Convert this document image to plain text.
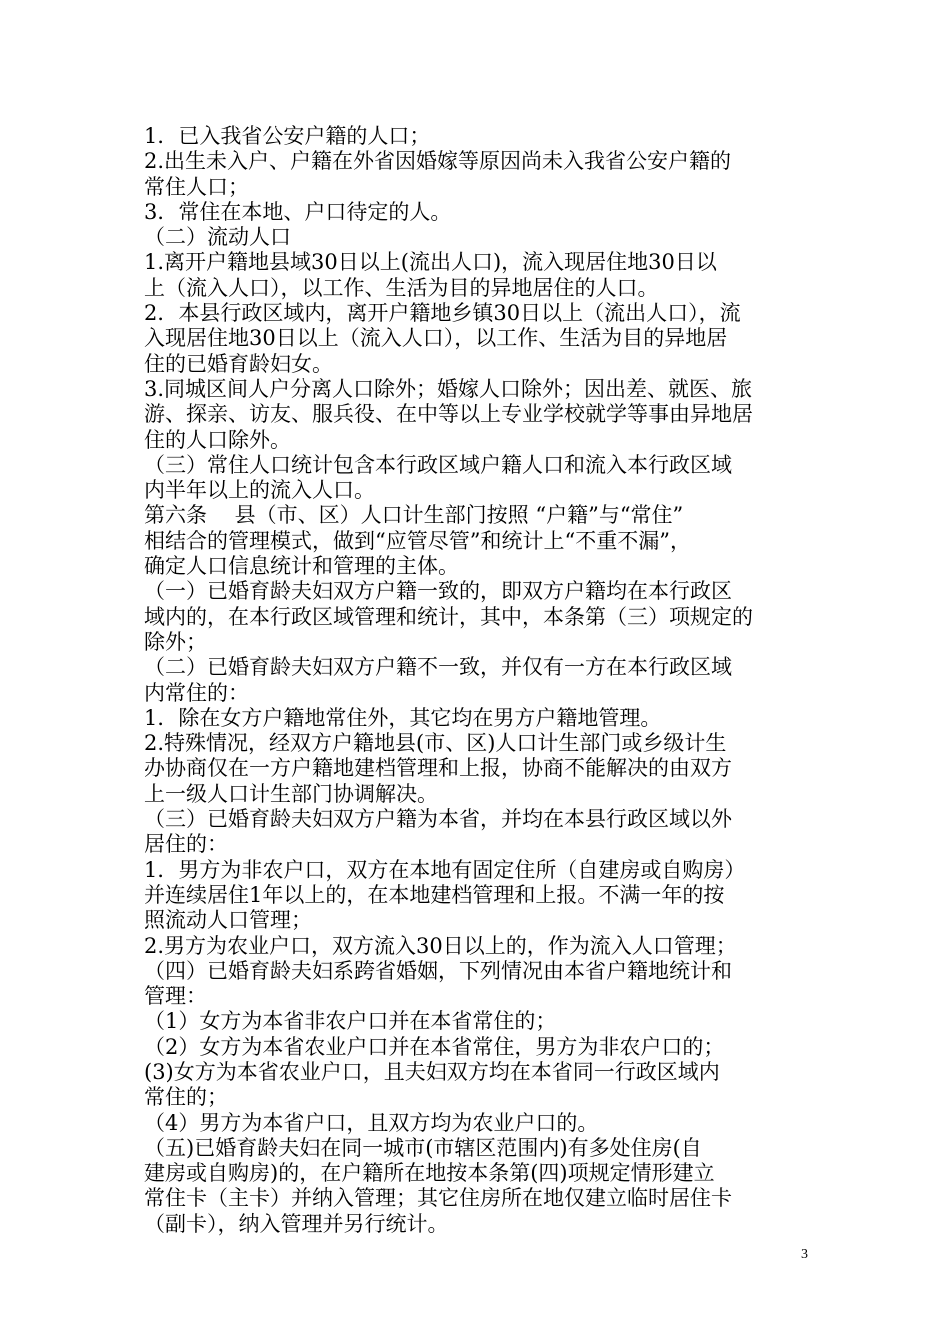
1．已入我省公安户籍的人口；
2.出生未入户、户籍在外省因婚嫁等原因尚未入我省公安户籍的
常住人口；
3．常住在本地、户口待定的人。
（二）流动人口
1.离开户籍地县域30日以上(流出人口)，流入现居住地30日以
上（流入人口），以工作、生活为目的异地居住的人口。
2．本县行政区域内，离开户籍地乡镇30日以上（流出人口），流
入现居住地30日以上（流入人口），以工作、生活为目的异地居
住的已婚育龄妇女。
3.同城区间人户分离人口除外；婚嫁人口除外；因出差、就医、旅
游、探亲、访友、服兵役、在中等以上专业学校就学等事由异地居
住的人口除外。
（三）常住人口统计包含本行政区域户籍人口和流入本行政区域
内半年以上的流入人口。
第六条　 县（市、区）人口计生部门按照 “户籍”与“常住”
相结合的管理模式，做到“应管尽管”和统计上“不重不漏”，
确定人口信息统计和管理的主体。
（一）已婚育龄夫妇双方户籍一致的，即双方户籍均在本行政区
域内的，在本行政区域管理和统计，其中，本条第（三）项规定的
除外；
（二）已婚育龄夫妇双方户籍不一致，并仅有一方在本行政区域
内常住的：
1．除在女方户籍地常住外，其它均在男方户籍地管理。
2.特殊情况，经双方户籍地县(市、区)人口计生部门或乡级计生
办协商仅在一方户籍地建档管理和上报，协商不能解决的由双方
上一级人口计生部门协调解决。
（三）已婚育龄夫妇双方户籍为本省，并均在本县行政区域以外
居住的：
1．男方为非农户口，双方在本地有固定住所（自建房或自购房）
并连续居住1年以上的，在本地建档管理和上报。不满一年的按
照流动人口管理；
2.男方为农业户口，双方流入30日以上的，作为流入人口管理；
（四）已婚育龄夫妇系跨省婚姻，下列情况由本省户籍地统计和
管理：
（1）女方为本省非农户口并在本省常住的；
（2）女方为本省农业户口并在本省常住，男方为非农户口的；
(3)女方为本省农业户口，且夫妇双方均在本省同一行政区域内
常住的；
（4）男方为本省户口，且双方均为农业户口的。
（五)已婚育龄夫妇在同一城市(市辖区范围内)有多处住房(自
建房或自购房)的，在户籍所在地按本条第(四)项规定情形建立
常住卡（主卡）并纳入管理；其它住房所在地仅建立临时居住卡
（副卡），纳入管理并另行统计。
3
